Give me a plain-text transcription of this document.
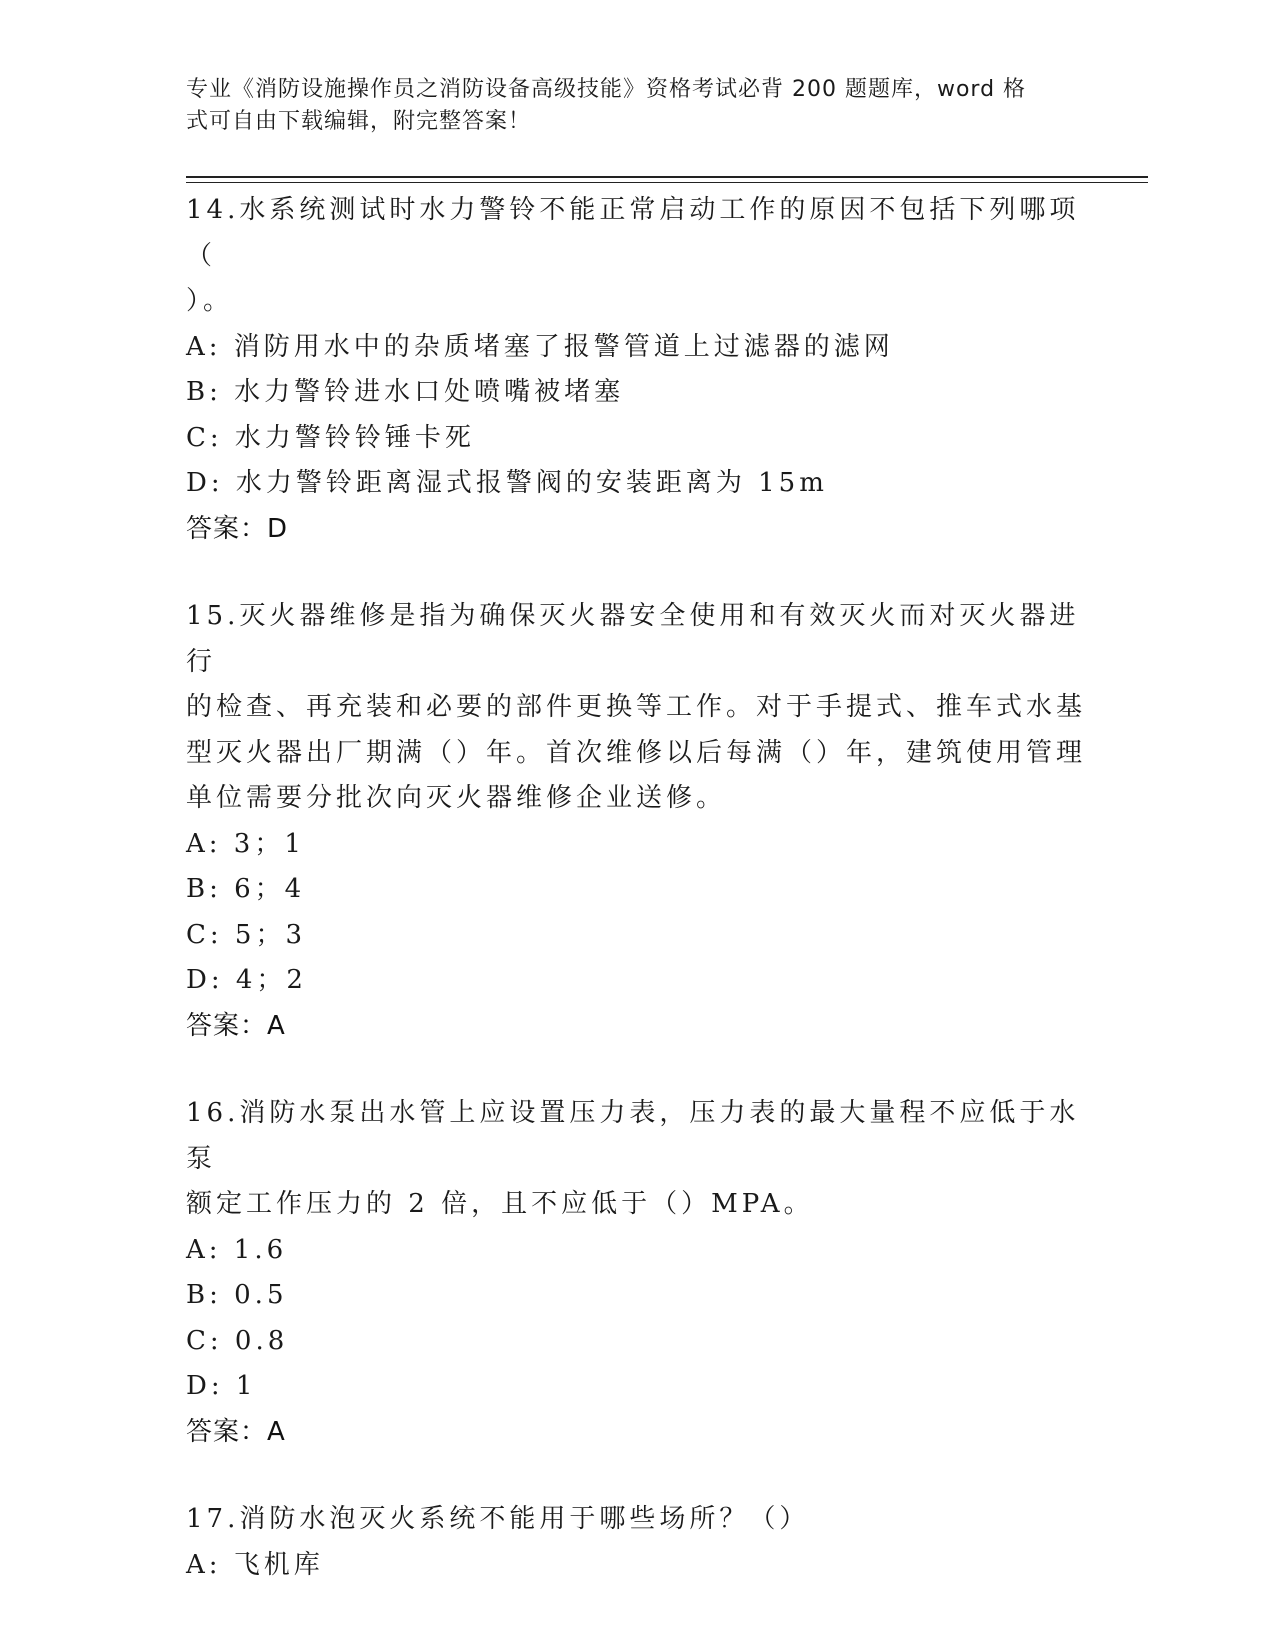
专业《消防设施操作员之消防设备高级技能》资格考试必背 200 题题库，word 格
式可自由下载编辑，附完整答案！
14.水系统测试时水力警铃不能正常启动工作的原因不包括下列哪项（
）。
A: 消防用水中的杂质堵塞了报警管道上过滤器的滤网
B: 水力警铃进水口处喷嘴被堵塞
C: 水力警铃铃锤卡死
D: 水力警铃距离湿式报警阀的安装距离为 15m
答案：D
15.灭火器维修是指为确保灭火器安全使用和有效灭火而对灭火器进行
的检查、再充装和必要的部件更换等工作。对于手提式、推车式水基
型灭火器出厂期满（）年。首次维修以后每满（）年，建筑使用管理
单位需要分批次向灭火器维修企业送修。
A: 3；1
B: 6；4
C: 5；3
D: 4；2
答案：A
16.消防水泵出水管上应设置压力表，压力表的最大量程不应低于水泵
额定工作压力的 2 倍，且不应低于（）MPA。
A: 1.6
B: 0.5
C: 0.8
D: 1
答案：A
17.消防水泡灭火系统不能用于哪些场所？（）
A: 飞机库
